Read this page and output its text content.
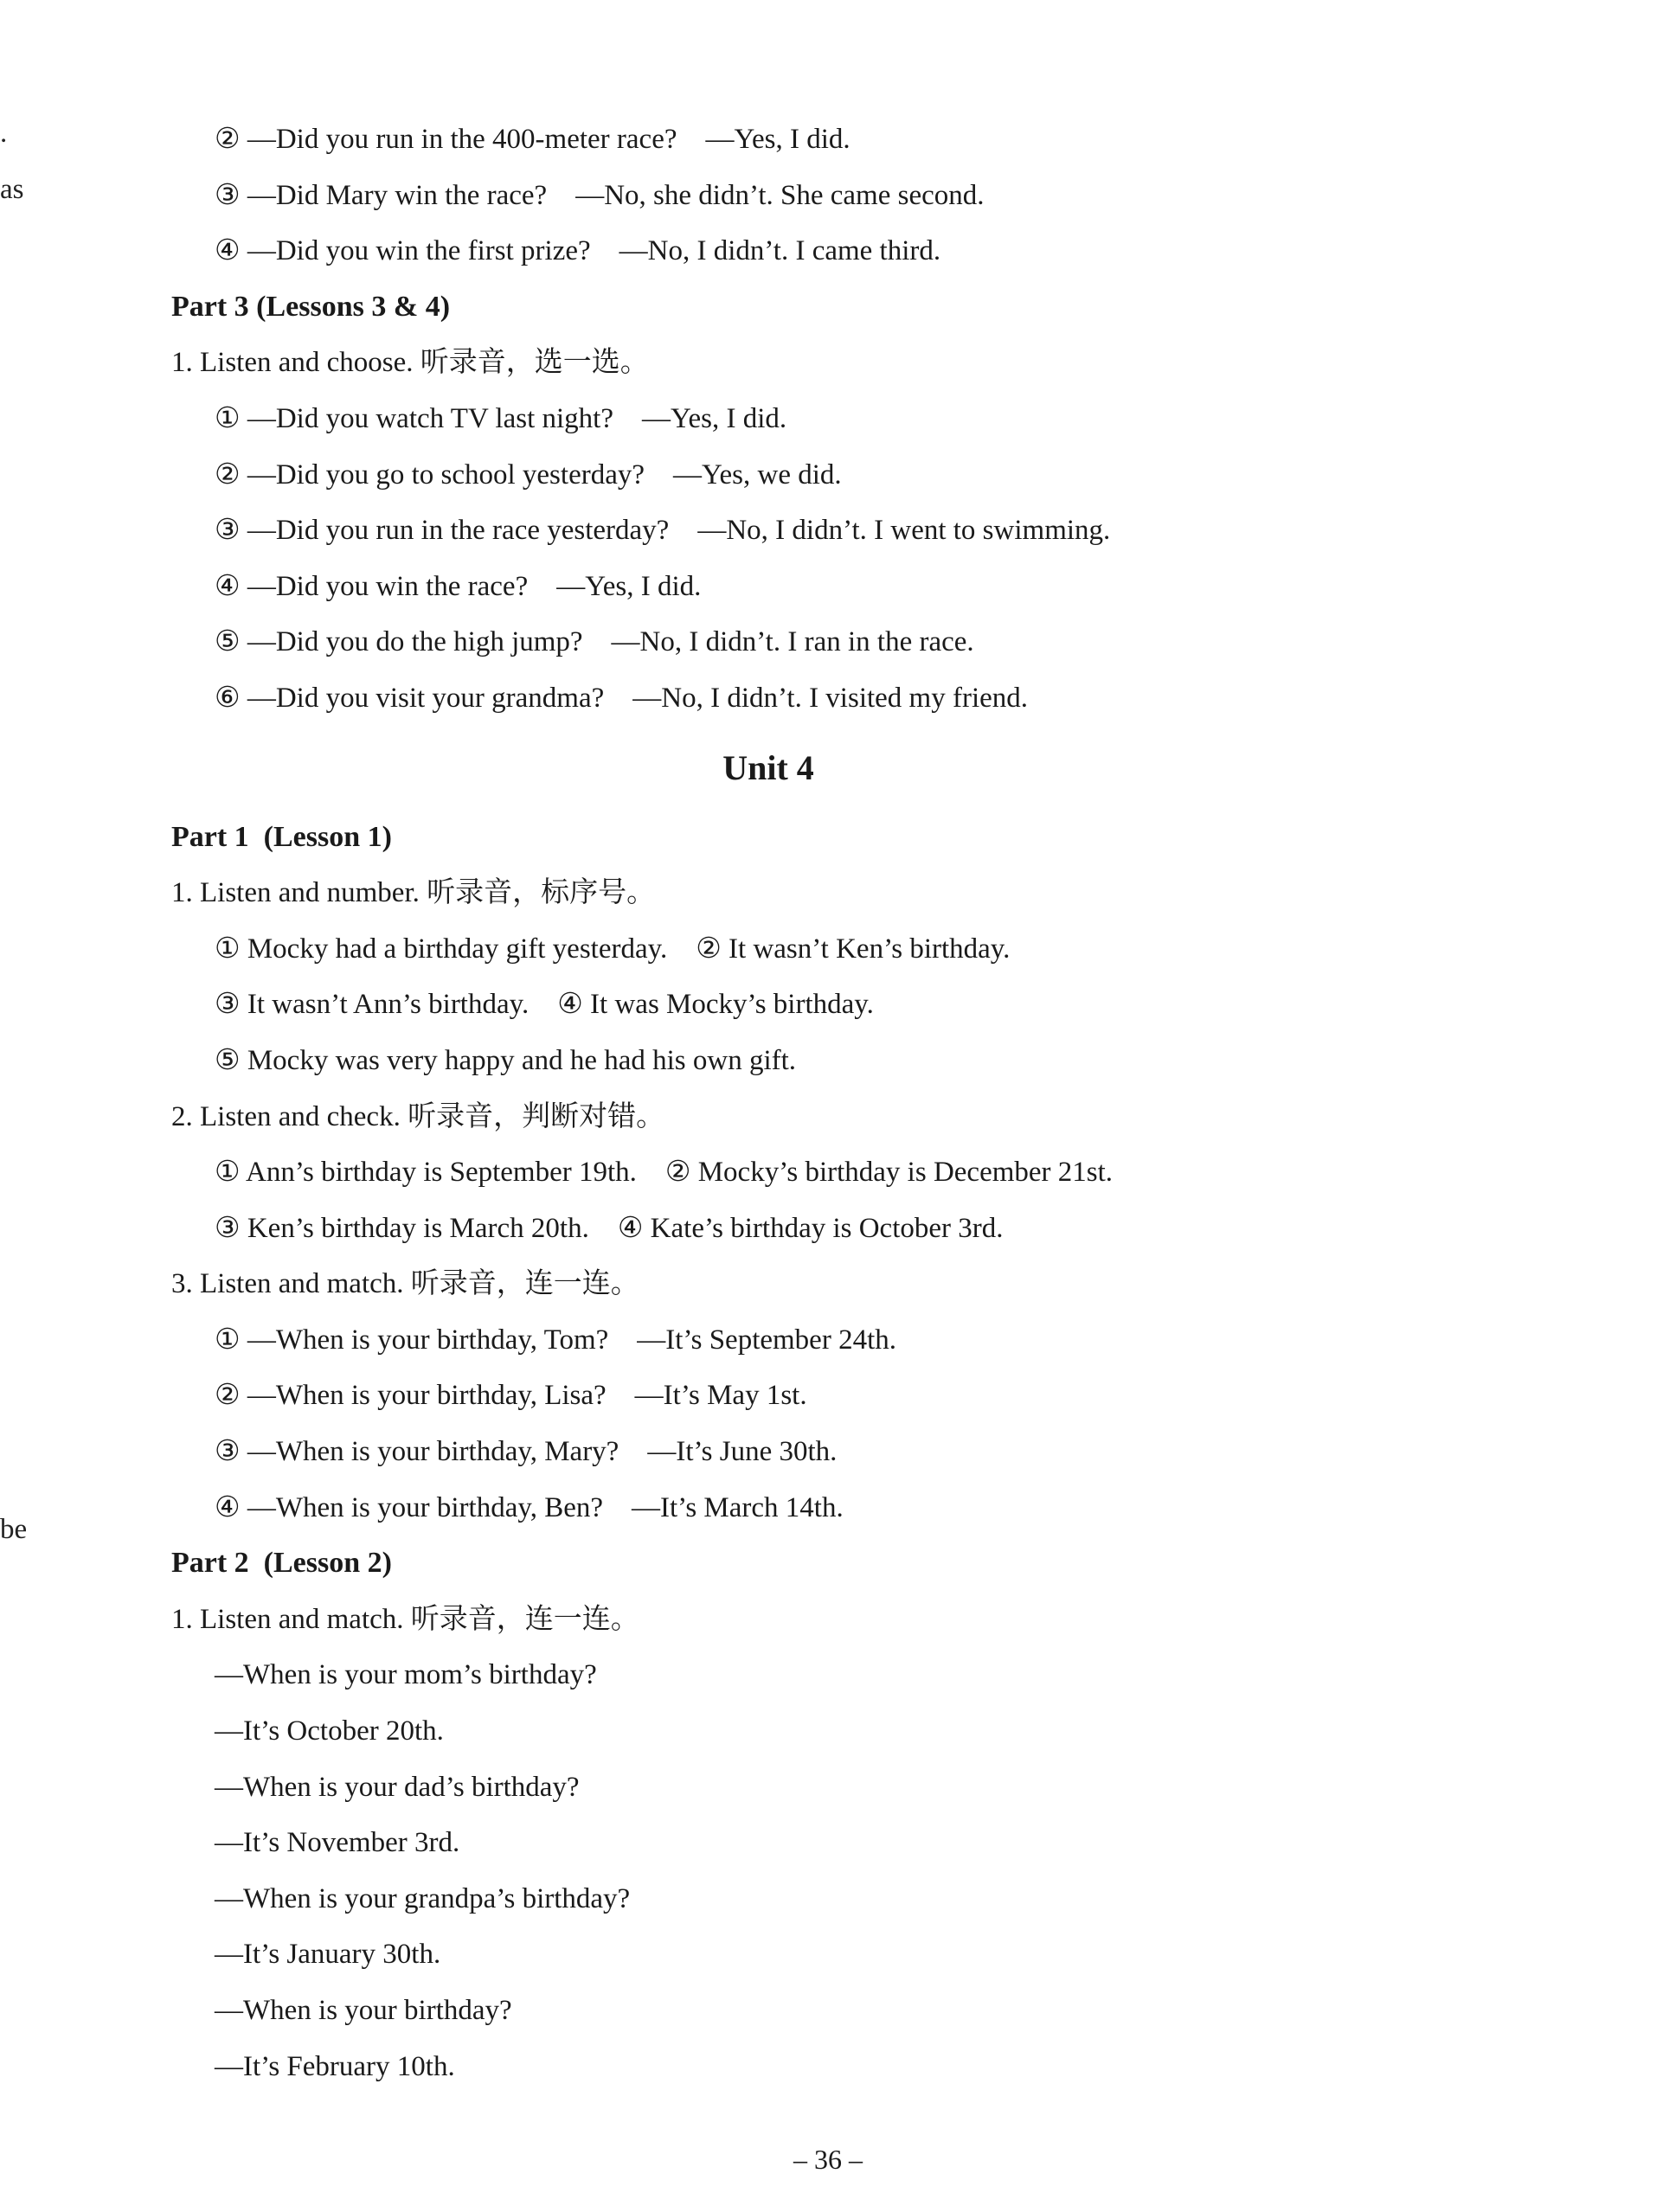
.
as
be
② —Did you run in the 400-meter race?    —Yes, I did.
③ —Did Mary win the race?    —No, she didn’t. She came second.
④ —Did you win the first prize?    —No, I didn’t. I came third.
Part 3 (Lessons 3 & 4)
1. Listen and choose. 听录音，选一选。
① —Did you watch TV last night?    —Yes, I did.
② —Did you go to school yesterday?    —Yes, we did.
③ —Did you run in the race yesterday?    —No, I didn’t. I went to swimming.
④ —Did you win the race?    —Yes, I did.
⑤ —Did you do the high jump?    —No, I didn’t. I ran in the race.
⑥ —Did you visit your grandma?    —No, I didn’t. I visited my friend.
Unit 4
Part 1  (Lesson 1)
1. Listen and number. 听录音，标序号。
① Mocky had a birthday gift yesterday.    ② It wasn’t Ken’s birthday.
③ It wasn’t Ann’s birthday.    ④ It was Mocky’s birthday.
⑤ Mocky was very happy and he had his own gift.
2. Listen and check. 听录音，判断对错。
① Ann’s birthday is September 19th.    ② Mocky’s birthday is December 21st.
③ Ken’s birthday is March 20th.    ④ Kate’s birthday is October 3rd.
3. Listen and match. 听录音，连一连。
① —When is your birthday, Tom?    —It’s September 24th.
② —When is your birthday, Lisa?    —It’s May 1st.
③ —When is your birthday, Mary?    —It’s June 30th.
④ —When is your birthday, Ben?    —It’s March 14th.
Part 2  (Lesson 2)
1. Listen and match. 听录音，连一连。
—When is your mom’s birthday?
—It’s October 20th.
—When is your dad’s birthday?
—It’s November 3rd.
—When is your grandpa’s birthday?
—It’s January 30th.
—When is your birthday?
—It’s February 10th.
– 36 –
